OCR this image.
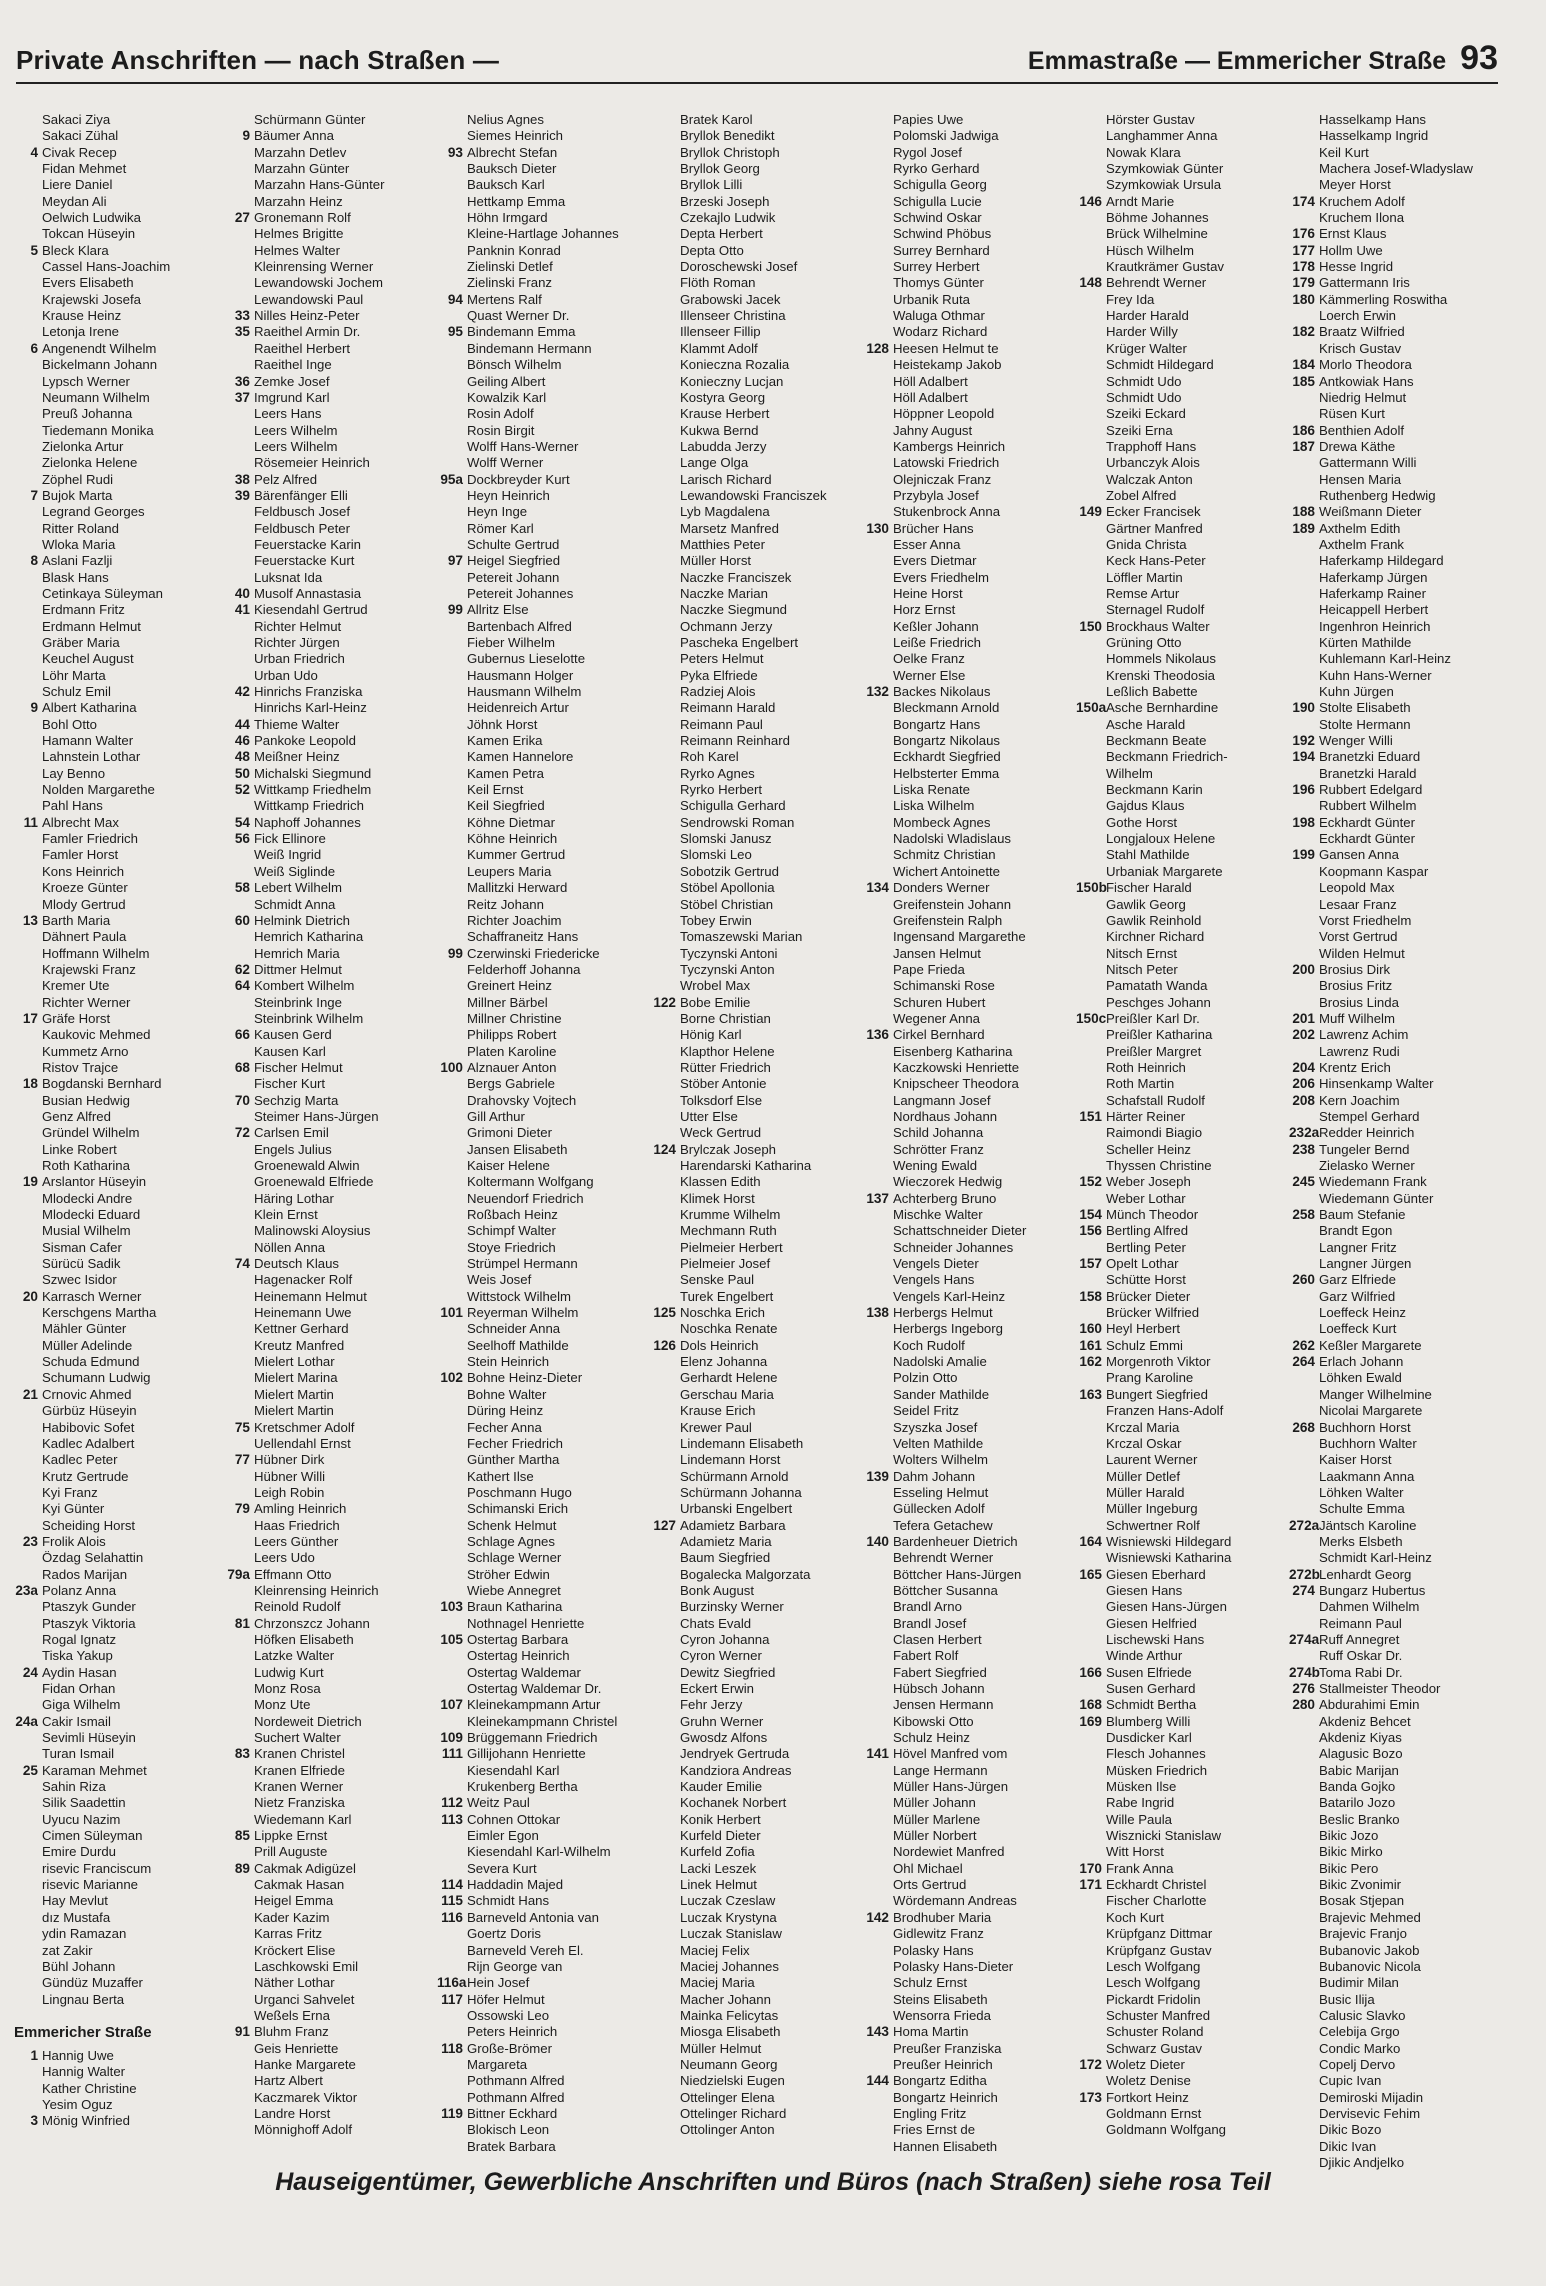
Private Anschriften — nach Straßen —	Emmastraße — Emmericher Straße 93
Sakaci Ziya
Sakaci Zühal
4 Civak Recep
Fidan Mehmet
Liere Daniel
Meydan Ali
Oelwich Ludwika
Tokcan Hüseyin
5 Bleck Klara
Cassel Hans-Joachim
Evers Elisabeth
Krajewski Josefa
Krause Heinz
Letonja Irene
6 Angenendt Wilhelm
Bickelmann Johann
Lypsch Werner
Neumann Wilhelm
Preuß Johanna
Tiedemann Monika
Zielonka Artur
Zielonka Helene
Zöphel Rudi
7 Bujok Marta
Legrand Georges
Ritter Roland
Wloka Maria
8 Aslani Fazlji
Blask Hans
Cetinkaya Süleyman
Erdmann Fritz
Erdmann Helmut
Gräber Maria
Keuchel August
Löhr Marta
Schulz Emil
9 Albert Katharina
Bohl Otto
Hamann Walter
Lahnstein Lothar
Lay Benno
Nolden Margarethe
Pahl Hans
11 Albrecht Max
Famler Friedrich
Famler Horst
Kons Heinrich
Kroeze Günter
Mlody Gertrud
13 Barth Maria
Dähnert Paula
Hoffmann Wilhelm
Krajewski Franz
Kremer Ute
Richter Werner
17 Gräfe Horst
Kaukovic Mehmed
Kummetz Arno
Ristov Trajce
18 Bogdanski Bernhard
Busian Hedwig
Genz Alfred
Gründel Wilhelm
Linke Robert
Roth Katharina
19 Arslantor Hüseyin
Mlodecki Andre
Mlodecki Eduard
Musial Wilhelm
Sisman Cafer
Sürücü Sadik
Szwec Isidor
20 Karrasch Werner
Kerschgens Martha
Mähler Günter
Müller Adelinde
Schuda Edmund
Schumann Ludwig
21 Crnovic Ahmed
Gürbüz Hüseyin
Habibovic Sofet
Kadlec Adalbert
Kadlec Peter
Krutz Gertrude
Kyi Franz
Kyi Günter
Scheiding Horst
23 Frolik Alois
Özdag Selahattin
Rados Marijan
23a Polanz Anna
Ptaszyk Gunder
Ptaszyk Viktoria
Rogal Ignatz
Tiska Yakup
24 Aydin Hasan
Fidan Orhan
Giga Wilhelm
24a Cakir Ismail
Sevimli Hüseyin
Turan Ismail
25 Karaman Mehmet
Sahin Riza
Silik Saadettin
Uyucu Nazim
Cimen Süleyman
Emire Durdu
risevic Franciscum
risevic Marianne
Hay Mevlut
dız Mustafa
ydin Ramazan
zat Zakir
Bühl Johann
Gündüz Muzaffer
Lingnau Berta
Emmericher Straße
1 Hannig Uwe
Hannig Walter
Kather Christine
Yesim Oguz
3 Mönig Winfried
Schürmann Günter
9 Bäumer Anna
Marzahn Detlev
Marzahn Günter
Marzahn Hans-Günter
Marzahn Heinz
27 Gronemann Rolf
Helmes Brigitte
Helmes Walter
Kleinrensing Werner
Lewandowski Jochem
Lewandowski Paul
33 Nilles Heinz-Peter
35 Raeithel Armin Dr.
Raeithel Herbert
Raeithel Inge
36 Zemke Josef
37 Imgrund Karl
Leers Hans
Leers Wilhelm
Leers Wilhelm
Rösemeier Heinrich
38 Pelz Alfred
39 Bärenfänger Elli
Feldbusch Josef
Feldbusch Peter
Feuerstacke Karin
Feuerstacke Kurt
Luksnat Ida
40 Musolf Annastasia
41 Kiesendahl Gertrud
Richter Helmut
Richter Jürgen
Urban Friedrich
Urban Udo
42 Hinrichs Franziska
Hinrichs Karl-Heinz
44 Thieme Walter
46 Pankoke Leopold
48 Meißner Heinz
50 Michalski Siegmund
52 Wittkamp Friedhelm
Wittkamp Friedrich
54 Naphoff Johannes
56 Fick Ellinore
Weiß Ingrid
Weiß Siglinde
58 Lebert Wilhelm
Schmidt Anna
60 Helmink Dietrich
Hemrich Katharina
Hemrich Maria
62 Dittmer Helmut
64 Kombert Wilhelm
Steinbrink Inge
Steinbrink Wilhelm
66 Kausen Gerd
Kausen Karl
68 Fischer Helmut
Fischer Kurt
70 Sechzig Marta
Steimer Hans-Jürgen
72 Carlsen Emil
Engels Julius
Groenewald Alwin
Groenewald Elfriede
Häring Lothar
Klein Ernst
Malinowski Aloysius
Nöllen Anna
74 Deutsch Klaus
Hagenacker Rolf
Heinemann Helmut
Heinemann Uwe
Kettner Gerhard
Kreutz Manfred
Mielert Lothar
Mielert Marina
Mielert Martin
Mielert Martin
75 Kretschmer Adolf
Uellendahl Ernst
77 Hübner Dirk
Hübner Willi
Leigh Robin
79 Amling Heinrich
Haas Friedrich
Leers Günther
Leers Udo
79a Effmann Otto
Kleinrensing Heinrich
Reinold Rudolf
81 Chrzonszcz Johann
Höfken Elisabeth
Latzke Walter
Ludwig Kurt
Monz Rosa
Monz Ute
Nordeweit Dietrich
Suchert Walter
83 Kranen Christel
Kranen Elfriede
Kranen Werner
Nietz Franziska
Wiedemann Karl
85 Lippke Ernst
Prill Auguste
89 Cakmak Adigüzel
Cakmak Hasan
Heigel Emma
Kader Kazim
Karras Fritz
Kröckert Elise
Laschkowski Emil
Näther Lothar
Urganci Sahvelet
Weßels Erna
91 Bluhm Franz
Geis Henriette
Hanke Margarete
Hartz Albert
Kaczmarek Viktor
Landre Horst
Mönnighoff Adolf
Nelius Agnes
Siemes Heinrich
93 Albrecht Stefan
Bauksch Dieter
Bauksch Karl
Hettkamp Emma
Höhn Irmgard
Kleine-Hartlage Johannes
Panknin Konrad
Zielinski Detlef
Zielinski Franz
94 Mertens Ralf
Quast Werner Dr.
95 Bindemann Emma
Bindemann Hermann
Bönsch Wilhelm
Geiling Albert
Kowalzik Karl
Rosin Adolf
Rosin Birgit
Wolff Hans-Werner
Wolff Werner
95a Dockbreyder Kurt
Heyn Heinrich
Heyn Inge
Römer Karl
Schulte Gertrud
97 Heigel Siegfried
Petereit Johann
Petereit Johannes
99 Allritz Else
Bartenbach Alfred
Fieber Wilhelm
Gubernus Lieselotte
Hausmann Holger
Hausmann Wilhelm
Heidenreich Artur
Jöhnk Horst
Kamen Erika
Kamen Hannelore
Kamen Petra
Keil Ernst
Keil Siegfried
Köhne Dietmar
Köhne Heinrich
Kummer Gertrud
Leupers Maria
Mallitzki Herward
Reitz Johann
Richter Joachim
Schaffraneitz Hans
99 Czerwinski Friedericke
Felderhoff Johanna
Greinert Heinz
Millner Bärbel
Millner Christine
Philipps Robert
Platen Karoline
100 Alznauer Anton
Bergs Gabriele
Drahovsky Vojtech
Gill Arthur
Grimoni Dieter
Jansen Elisabeth
Kaiser Helene
Koltermann Wolfgang
Neuendorf Friedrich
Roßbach Heinz
Schimpf Walter
Stoye Friedrich
Strümpel Hermann
Weis Josef
Wittstock Wilhelm
101 Reyerman Wilhelm
Schneider Anna
Seelhoff Mathilde
Stein Heinrich
102 Bohne Heinz-Dieter
Bohne Walter
Düring Heinz
Fecher Anna
Fecher Friedrich
Günther Martha
Kathert Ilse
Poschmann Hugo
Schimanski Erich
Schenk Helmut
Schlage Agnes
Schlage Werner
Ströher Edwin
Wiebe Annegret
103 Braun Katharina
Nothnagel Henriette
105 Ostertag Barbara
Ostertag Heinrich
Ostertag Waldemar
Ostertag Waldemar Dr.
107 Kleinekampmann Artur
Kleinekampmann Christel
109 Brüggemann Friedrich
111 Gillijohann Henriette
Kiesendahl Karl
Krukenberg Bertha
112 Weitz Paul
113 Cohnen Ottokar
Eimler Egon
Kiesendahl Karl-Wilhelm
Severa Kurt
114 Haddadin Majed
115 Schmidt Hans
116 Barneveld Antonia van
Goertz Doris
Barneveld Vereh El.
Rijn George van
116a Hein Josef
117 Höfer Helmut
Ossowski Leo
Peters Heinrich
118 Große-Brömer
Margareta
Pothmann Alfred
Pothmann Alfred
119 Bittner Eckhard
Blokisch Leon
Bratek Barbara
Bratek Karol
Bryllok Benedikt
Bryllok Christoph
Bryllok Georg
Bryllok Lilli
Brzeski Joseph
Czekajlo Ludwik
Depta Herbert
Depta Otto
Doroschewski Josef
Flöth Roman
Grabowski Jacek
Illenseer Christina
Illenseer Fillip
Klammt Adolf
Konieczna Rozalia
Konieczny Lucjan
Kostyra Georg
Krause Herbert
Kukwa Bernd
Labudda Jerzy
Lange Olga
Larisch Richard
Lewandowski Franciszek
Lyb Magdalena
Marsetz Manfred
Matthies Peter
Müller Horst
Naczke Franciszek
Naczke Marian
Naczke Siegmund
Ochmann Jerzy
Pascheka Engelbert
Peters Helmut
Pyka Elfriede
Radziej Alois
Reimann Harald
Reimann Paul
Reimann Reinhard
Roh Karel
Ryrko Agnes
Ryrko Herbert
Schigulla Gerhard
Sendrowski Roman
Slomski Janusz
Slomski Leo
Sobotzik Gertrud
Stöbel Apollonia
Stöbel Christian
Tobey Erwin
Tomaszewski Marian
Tyczynski Antoni
Tyczynski Anton
Wrobel Max
122 Bobe Emilie
Borne Christian
Hönig Karl
Klapthor Helene
Rütter Friedrich
Stöber Antonie
Tolksdorf Else
Utter Else
Weck Gertrud
124 Brylczak Joseph
Harendarski Katharina
Klassen Edith
Klimek Horst
Krumme Wilhelm
Mechmann Ruth
Pielmeier Herbert
Pielmeier Josef
Senske Paul
Turek Engelbert
125 Noschka Erich
Noschka Renate
126 Dols Heinrich
Elenz Johanna
Gerhardt Helene
Gerschau Maria
Krause Erich
Krewer Paul
Lindemann Elisabeth
Lindemann Horst
Schürmann Arnold
Schürmann Johanna
Urbanski Engelbert
127 Adamietz Barbara
Adamietz Maria
Baum Siegfried
Bogalecka Malgorzata
Bonk August
Burzinsky Werner
Chats Evald
Cyron Johanna
Cyron Werner
Dewitz Siegfried
Eckert Erwin
Fehr Jerzy
Gruhn Werner
Gwosdz Alfons
Jendryek Gertruda
Kandziora Andreas
Kauder Emilie
Kochanek Norbert
Konik Herbert
Kurfeld Dieter
Kurfeld Zofia
Lacki Leszek
Linek Helmut
Luczak Czeslaw
Luczak Krystyna
Luczak Stanislaw
Maciej Felix
Maciej Johannes
Maciej Maria
Macher Johann
Mainka Felicytas
Miosga Elisabeth
Müller Helmut
Neumann Georg
Niedzielski Eugen
Ottelinger Elena
Ottelinger Richard
Ottolinger Anton
Papies Uwe
Polomski Jadwiga
Rygol Josef
Ryrko Gerhard
Schigulla Georg
Schigulla Lucie
Schwind Oskar
Schwind Phöbus
Surrey Bernhard
Surrey Herbert
Thomys Günter
Urbanik Ruta
Waluga Othmar
Wodarz Richard
128 Heesen Helmut te
Heistekamp Jakob
Höll Adalbert
Höll Adalbert
Höppner Leopold
Jahny August
Kambergs Heinrich
Latowski Friedrich
Olejniczak Franz
Przybyla Josef
Stukenbrock Anna
130 Brücher Hans
Esser Anna
Evers Dietmar
Evers Friedhelm
Heine Horst
Horz Ernst
Keßler Johann
Leiße Friedrich
Oelke Franz
Werner Else
132 Backes Nikolaus
Bleckmann Arnold
Bongartz Hans
Bongartz Nikolaus
Eckhardt Siegfried
Helbsterter Emma
Liska Renate
Liska Wilhelm
Mombeck Agnes
Nadolski Wladislaus
Schmitz Christian
Wichert Antoinette
134 Donders Werner
Greifenstein Johann
Greifenstein Ralph
Ingensand Margarethe
Jansen Helmut
Pape Frieda
Schimanski Rose
Schuren Hubert
Wegener Anna
136 Cirkel Bernhard
Eisenberg Katharina
Kaczkowski Henriette
Knipscheer Theodora
Langmann Josef
Nordhaus Johann
Schild Johanna
Schrötter Franz
Wening Ewald
Wieczorek Hedwig
137 Achterberg Bruno
Mischke Walter
Schattschneider Dieter
Schneider Johannes
Vengels Dieter
Vengels Hans
Vengels Karl-Heinz
138 Herbergs Helmut
Herbergs Ingeborg
Koch Rudolf
Nadolski Amalie
Polzin Otto
Sander Mathilde
Seidel Fritz
Szyszka Josef
Velten Mathilde
Wolters Wilhelm
139 Dahm Johann
Esseling Helmut
Güllecken Adolf
Tefera Getachew
140 Bardenheuer Dietrich
Behrendt Werner
Böttcher Hans-Jürgen
Böttcher Susanna
Brandl Arno
Brandl Josef
Clasen Herbert
Fabert Rolf
Fabert Siegfried
Hübsch Johann
Jensen Hermann
Kibowski Otto
Schulz Heinz
141 Hövel Manfred vom
Lange Hermann
Müller Hans-Jürgen
Müller Johann
Müller Marlene
Müller Norbert
Nordewiet Manfred
Ohl Michael
Orts Gertrud
Wördemann Andreas
142 Brodhuber Maria
Gidlewitz Franz
Polasky Hans
Polasky Hans-Dieter
Schulz Ernst
Steins Elisabeth
Wensorra Frieda
143 Homa Martin
Preußer Franziska
Preußer Heinrich
144 Bongartz Editha
Bongartz Heinrich
Engling Fritz
Fries Ernst de
Hannen Elisabeth
Hörster Gustav
Langhammer Anna
Nowak Klara
Szymkowiak Günter
Szymkowiak Ursula
146 Arndt Marie
Böhme Johannes
Brück Wilhelmine
Hüsch Wilhelm
Krautkrämer Gustav
148 Behrendt Werner
Frey Ida
Harder Harald
Harder Willy
Krüger Walter
Schmidt Hildegard
Schmidt Udo
Schmidt Udo
Szeiki Eckard
Szeiki Erna
Trapphoff Hans
Urbanczyk Alois
Walczak Anton
Zobel Alfred
149 Ecker Francisek
Gärtner Manfred
Gnida Christa
Keck Hans-Peter
Löffler Martin
Remse Artur
Sternagel Rudolf
150 Brockhaus Walter
Grüning Otto
Hommels Nikolaus
Krenski Theodosia
Leßlich Babette
150a Asche Bernhardine
Asche Harald
Beckmann Beate
Beckmann Friedrich-
Wilhelm
Beckmann Karin
Gajdus Klaus
Gothe Horst
Longjaloux Helene
Stahl Mathilde
Urbaniak Margarete
150b Fischer Harald
Gawlik Georg
Gawlik Reinhold
Kirchner Richard
Nitsch Ernst
Nitsch Peter
Pamatath Wanda
Peschges Johann
150c Preißler Karl Dr.
Preißler Katharina
Preißler Margret
Roth Heinrich
Roth Martin
Schafstall Rudolf
151 Härter Reiner
Raimondi Biagio
Scheller Heinz
Thyssen Christine
152 Weber Joseph
Weber Lothar
154 Münch Theodor
156 Bertling Alfred
Bertling Peter
157 Opelt Lothar
Schütte Horst
158 Brücker Dieter
Brücker Wilfried
160 Heyl Herbert
161 Schulz Emmi
162 Morgenroth Viktor
Prang Karoline
163 Bungert Siegfried
Franzen Hans-Adolf
Krczal Maria
Krczal Oskar
Laurent Werner
Müller Detlef
Müller Harald
Müller Ingeburg
Schwertner Rolf
164 Wisniewski Hildegard
Wisniewski Katharina
165 Giesen Eberhard
Giesen Hans
Giesen Hans-Jürgen
Giesen Helfried
Lischewski Hans
Winde Arthur
166 Susen Elfriede
Susen Gerhard
168 Schmidt Bertha
169 Blumberg Willi
Dusdicker Karl
Flesch Johannes
Müsken Friedrich
Müsken Ilse
Rabe Ingrid
Wille Paula
Wisznicki Stanislaw
Witt Horst
170 Frank Anna
171 Eckhardt Christel
Fischer Charlotte
Koch Kurt
Krüpfganz Dittmar
Krüpfganz Gustav
Lesch Wolfgang
Lesch Wolfgang
Pickardt Fridolin
Schuster Manfred
Schuster Roland
Schwarz Gustav
172 Woletz Dieter
Woletz Denise
173 Fortkort Heinz
Goldmann Ernst
Goldmann Wolfgang
Hasselkamp Hans
Hasselkamp Ingrid
Keil Kurt
Machera Josef-Wladyslaw
Meyer Horst
174 Kruchem Adolf
Kruchem Ilona
176 Ernst Klaus
177 Hollm Uwe
178 Hesse Ingrid
179 Gattermann Iris
180 Kämmerling Roswitha
Loerch Erwin
182 Braatz Wilfried
Krisch Gustav
184 Morlo Theodora
185 Antkowiak Hans
Niedrig Helmut
Rüsen Kurt
186 Benthien Adolf
187 Drewa Käthe
Gattermann Willi
Hensen Maria
Ruthenberg Hedwig
188 Weißmann Dieter
189 Axthelm Edith
Axthelm Frank
Haferkamp Hildegard
Haferkamp Jürgen
Haferkamp Rainer
Heicappell Herbert
Ingenhron Heinrich
Kürten Mathilde
Kuhlemann Karl-Heinz
Kuhn Hans-Werner
Kuhn Jürgen
190 Stolte Elisabeth
Stolte Hermann
192 Wenger Willi
194 Branetzki Eduard
Branetzki Harald
196 Rubbert Edelgard
Rubbert Wilhelm
198 Eckhardt Günter
Eckhardt Günter
199 Gansen Anna
Koopmann Kaspar
Leopold Max
Lesaar Franz
Vorst Friedhelm
Vorst Gertrud
Wilden Helmut
200 Brosius Dirk
Brosius Fritz
Brosius Linda
201 Muff Wilhelm
202 Lawrenz Achim
Lawrenz Rudi
204 Krentz Erich
206 Hinsenkamp Walter
208 Kern Joachim
Stempel Gerhard
232a Redder Heinrich
238 Tungeler Bernd
Zielasko Werner
245 Wiedemann Frank
Wiedemann Günter
258 Baum Stefanie
Brandt Egon
Langner Fritz
Langner Jürgen
260 Garz Elfriede
Garz Wilfried
Loeffeck Heinz
Loeffeck Kurt
262 Keßler Margarete
264 Erlach Johann
Löhken Ewald
Manger Wilhelmine
Nicolai Margarete
268 Buchhorn Horst
Buchhorn Walter
Kaiser Horst
Laakmann Anna
Löhken Walter
Schulte Emma
272a Jäntsch Karoline
Merks Elsbeth
Schmidt Karl-Heinz
272b Lenhardt Georg
274 Bungarz Hubertus
Dahmen Wilhelm
Reimann Paul
274a Ruff Annegret
Ruff Oskar Dr.
274b Toma Rabi Dr.
276 Stallmeister Theodor
280 Abdurahimi Emin
Akdeniz Behcet
Akdeniz Kiyas
Alagusic Bozo
Babic Marijan
Banda Gojko
Batarilo Jozo
Beslic Branko
Bikic Jozo
Bikic Mirko
Bikic Pero
Bikic Zvonimir
Bosak Stjepan
Brajevic Mehmed
Brajevic Franjo
Bubanovic Jakob
Bubanovic Nicola
Budimir Milan
Busic Ilija
Calusic Slavko
Celebija Grgo
Condic Marko
Copelj Dervo
Cupic Ivan
Demiroski Mijadin
Dervisevic Fehim
Dikic Bozo
Dikic Ivan
Djikic Andjelko
Hauseigentümer, Gewerbliche Anschriften und Büros (nach Straßen) siehe rosa Teil
